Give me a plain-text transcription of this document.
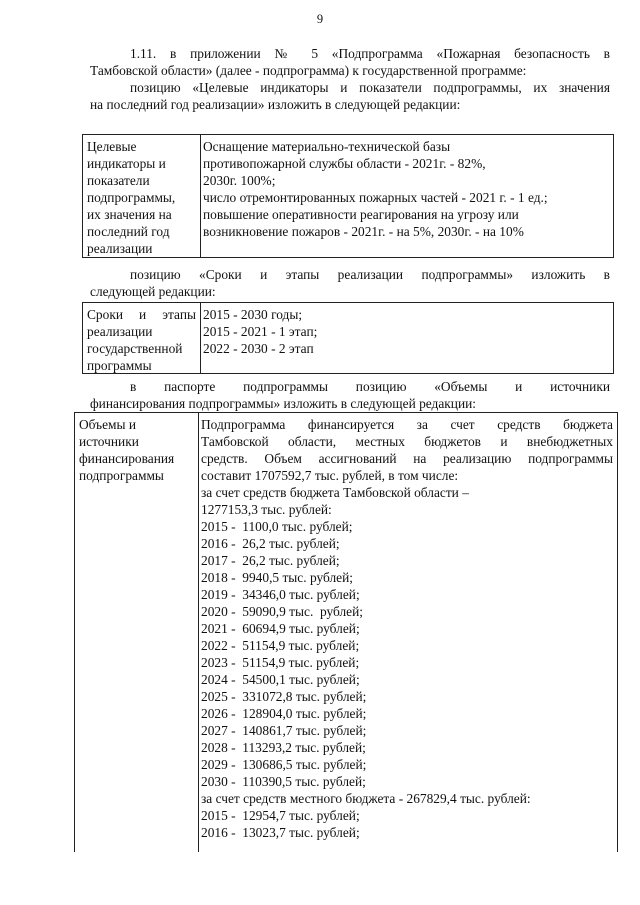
9
1.11. в приложении № 5 «Подпрограмма «Пожарная безопасность в
Тамбовской области» (далее - подпрограмма) к государственной программе:
позицию «Целевые индикаторы и показатели подпрограммы, их значения
на последний год реализации» изложить в следующей редакции:
Целевые
индикаторы и
показатели
подпрограммы,
их значения на
последний год
реализации
Оснащение материально-технической базы
противопожарной службы области - 2021г. - 82%,
2030г. 100%;
число отремонтированных пожарных частей - 2021 г. - 1 ед.;
повышение оперативности реагирования на угрозу или
возникновение пожаров - 2021г. - на 5%, 2030г. - на 10%
позицию «Сроки и этапы реализации подпрограммы» изложить в
следующей редакции:
Сроки и этапы
реализации
государственной
программы
2015 - 2030 годы;
2015 - 2021 - 1 этап;
2022 - 2030 - 2 этап
в паспорте подпрограммы позицию «Объемы и источники
финансирования подпрограммы» изложить в следующей редакции:
Объемы и
источники
финансирования
подпрограммы
Подпрограмма финансируется за счет средств бюджета
Тамбовской области, местных бюджетов и внебюджетных
средств. Объем ассигнований на реализацию подпрограммы
составит 1707592,7 тыс. рублей, в том числе:
за счет средств бюджета Тамбовской области –
1277153,3 тыс. рублей:
2015 -  1100,0 тыс. рублей;
2016 -  26,2 тыс. рублей;
2017 -  26,2 тыс. рублей;
2018 -  9940,5 тыс. рублей;
2019 -  34346,0 тыс. рублей;
2020 -  59090,9 тыс.  рублей;
2021 -  60694,9 тыс. рублей;
2022 -  51154,9 тыс. рублей;
2023 -  51154,9 тыс. рублей;
2024 -  54500,1 тыс. рублей;
2025 -  331072,8 тыс. рублей;
2026 -  128904,0 тыс. рублей;
2027 -  140861,7 тыс. рублей;
2028 -  113293,2 тыс. рублей;
2029 -  130686,5 тыс. рублей;
2030 -  110390,5 тыс. рублей;
за счет средств местного бюджета - 267829,4 тыс. рублей:
2015 -  12954,7 тыс. рублей;
2016 -  13023,7 тыс. рублей;
